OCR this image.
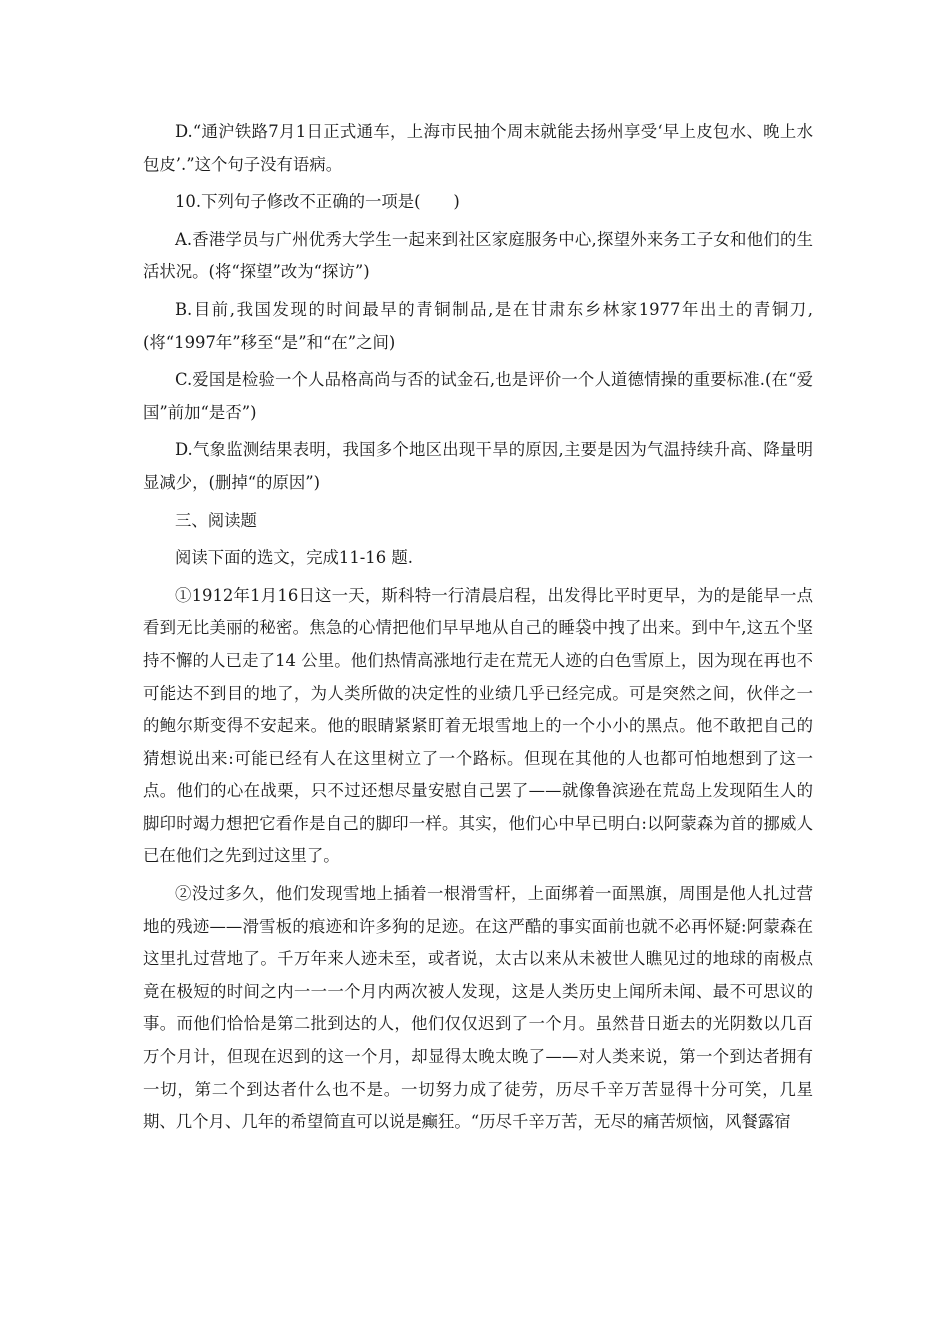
D.“通沪铁路7月1日正式通车，上海市民抽个周末就能去扬州享受‘早上皮包水、晚上水包皮’.”这个句子没有语病。

10.下列句子修改不正确的一项是(　　)

A.香港学员与广州优秀大学生一起来到社区家庭服务中心,探望外来务工子女和他们的生活状况。(将“探望”改为“探访”)

B.目前,我国发现的时间最早的青铜制品,是在甘肃东乡林家1977年出土的青铜刀,(将“1997年”移至“是”和“在”之间)

C.爱国是检验一个人品格高尚与否的试金石,也是评价一个人道德情操的重要标准.(在“爱国”前加“是否”)

D.气象监测结果表明，我国多个地区出现干旱的原因,主要是因为气温持续升高、降量明显减少，(删掉“的原因”)

三、阅读题

阅读下面的选文，完成11-16 题.

①1912年1月16日这一天，斯科特一行清晨启程，出发得比平时更早，为的是能早一点看到无比美丽的秘密。焦急的心情把他们早早地从自己的睡袋中拽了出来。到中午,这五个坚持不懈的人已走了14 公里。他们热情高涨地行走在荒无人迹的白色雪原上，因为现在再也不可能达不到目的地了，为人类所做的决定性的业绩几乎已经完成。可是突然之间，伙伴之一的鲍尔斯变得不安起来。他的眼睛紧紧盯着无垠雪地上的一个小小的黑点。他不敢把自己的猜想说出来:可能已经有人在这里树立了一个路标。但现在其他的人也都可怕地想到了这一点。他们的心在战栗，只不过还想尽量安慰自己罢了——就像鲁滨逊在荒岛上发现陌生人的脚印时竭力想把它看作是自己的脚印一样。其实，他们心中早已明白:以阿蒙森为首的挪威人已在他们之先到过这里了。

②没过多久，他们发现雪地上插着一根滑雪杆，上面绑着一面黑旗，周围是他人扎过营地的残迹——滑雪板的痕迹和许多狗的足迹。在这严酷的事实面前也就不必再怀疑:阿蒙森在这里扎过营地了。千万年来人迹未至，或者说，太古以来从未被世人瞧见过的地球的南极点竟在极短的时间之内一一一个月内两次被人发现，这是人类历史上闻所未闻、最不可思议的事。而他们恰恰是第二批到达的人，他们仅仅迟到了一个月。虽然昔日逝去的光阴数以几百万个月计，但现在迟到的这一个月，却显得太晚太晚了——对人类来说，第一个到达者拥有一切，第二个到达者什么也不是。一切努力成了徒劳，历尽千辛万苦显得十分可笑，几星期、几个月、几年的希望简直可以说是癫狂。“历尽千辛万苦，无尽的痛苦烦恼，风餐露宿
